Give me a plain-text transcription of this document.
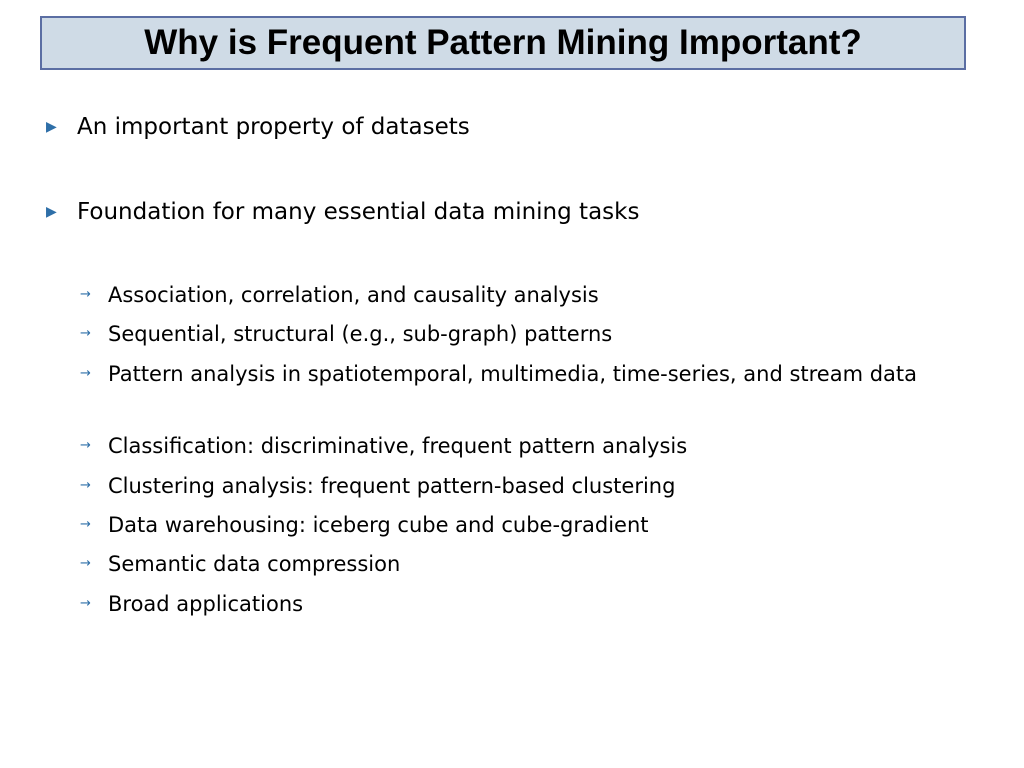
Why is Frequent Pattern Mining Important?
▶ An important property of datasets
▶ Foundation for many essential data mining tasks
→ Association, correlation, and causality analysis
→ Sequential, structural (e.g., sub-graph) patterns
→ Pattern analysis in spatiotemporal, multimedia, time-series, and stream data
→ Classification: discriminative, frequent pattern analysis
→ Clustering analysis: frequent pattern-based clustering
→ Data warehousing: iceberg cube and cube-gradient
→ Semantic data compression
→ Broad applications
